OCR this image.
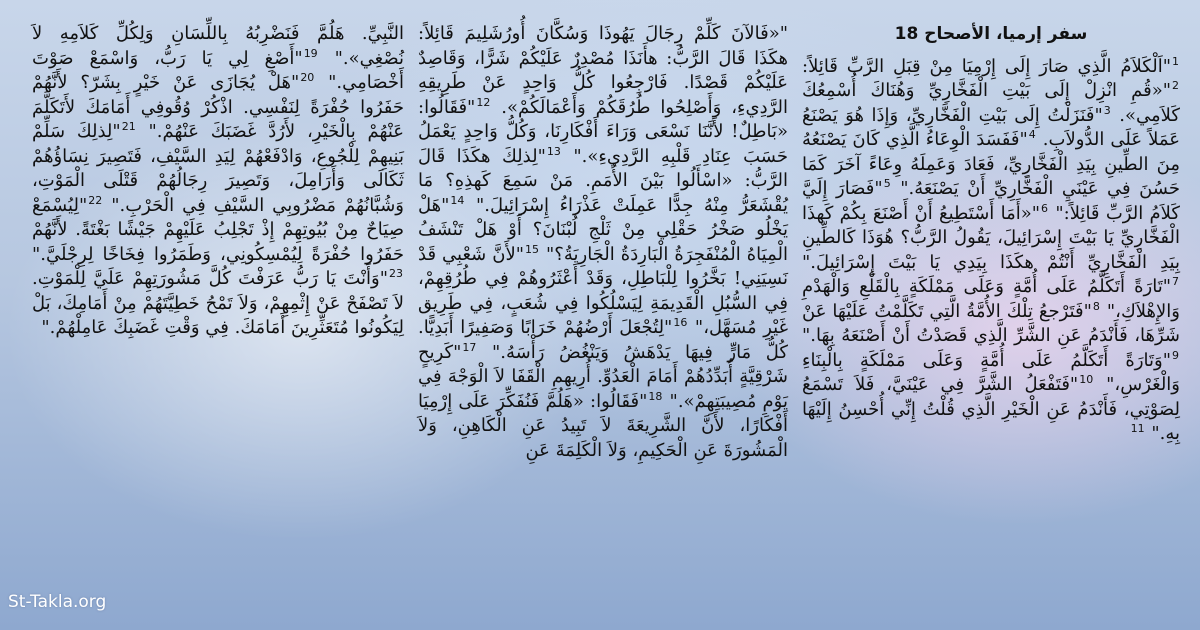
سفر إرميا، الأصحاح 18
$^1$"اَلْكَلاَمُ الَّذِي صَارَ إِلَى إِرْمِيَا مِنْ قِبَلِ الرَّبِّ قَائِلاً: $^2$"«قُمِ انْزِلْ إِلَى بَيْتِ الْفَخَّارِيِّ وَهُنَاكَ أُسْمِعُكَ كَلاَمِي». $^3$"فَنَزَلْتُ إِلَى بَيْتِ الْفَخَّارِيِّ، وَإِذَا هُوَ يَصْنَعُ عَمَلاً عَلَى الدُّولاَبِ. $^4$"فَفَسَدَ الْوِعَاءُ الَّذِي كَانَ يَصْنَعُهُ مِنَ الطِّينِ بِيَدِ الْفَخَّارِيِّ، فَعَادَ وَعَمِلَهُ وِعَاءً آخَرَ كَمَا حَسُنَ فِي عَيْنَيِ الْفَخَّارِيِّ أَنْ يَصْنَعَهُ." $^5$"فَصَارَ إِلَيَّ كَلاَمُ الرَّبِّ قَائِلاً:" $^6$"«أَمَا أَسْتَطِيعُ أَنْ أَصْنَعَ بِكُمْ كَهذَا الْفَخَّارِيِّ يَا بَيْتَ إِسْرَائِيلَ، يَقُولُ الرَّبُّ؟ هُوَذَا كَالطِّينِ بِيَدِ الْفَخَّارِيِّ أَنْتُمْ هكَذَا بِيَدِي يَا بَيْتَ إِسْرَائِيلَ." $^7$"تَارَةً أَتَكَلَّمُ عَلَى أُمَّةٍ وَعَلَى مَمْلَكَةٍ بِالْقَلْعِ وَالْهَدْمِ وَالإِهْلاَكِ،" $^8$"فَتَرْجعُ تِلْكَ الأُمَّةُ الَّتِي تَكَلَّمْتُ عَلَيْهَا عَنْ شَرِّهَا، فَأَنْدَمُ عَنِ الشَّرِّ الَّذِي قَصَدْتُ أَنْ أَصْنَعَهُ بِهَا." $^9$"وَتَارَةً أَتَكَلَّمُ عَلَى أُمَّةٍ وَعَلَى مَمْلَكَةٍ بِالْبِنَاءِ وَالْغَرْسِ،" $^{10}$"فَتَفْعَلُ الشَّرَّ فِي عَيْنَيَّ، فَلاَ تَسْمَعُ لِصَوْتِي، فَأَنْدَمُ عَنِ الْخَيْرِ الَّذِي قُلْتُ إِنِّي أُحْسِنُ إِلَيْهَا بِهِ." $^{11}$
"«فَالآنَ كَلِّمْ رِجَالَ يَهُوذَا وَسُكَّانَ أُورُشَلِيمَ قَائِلاً: هكَذَا قَالَ الرَّبُّ: هأَنَذَا مُصْدِرٌ عَلَيْكُمْ شَرًّا، وَقَاصِدٌ عَلَيْكُمْ قَصْدًا. فَارْجِعُوا كُلُّ وَاحِدٍ عَنْ طَرِيقِهِ الرَّدِيءِ، وَأَصْلِحُوا طُرُقَكُمْ وَأَعْمَالَكُمْ». $^{12}$"فَقَالُوا: «بَاطِلٌ! لأَنَّنَا نَسْعَى وَرَاءَ أَفْكَارِنَا، وَكُلُّ وَاحِدٍ يَعْمَلُ حَسَبَ عِنَادِ قَلْبِهِ الرَّدِيءِ»." $^{13}$"لِذلِكَ هكَذَا قَالَ الرَّبُّ: «اسْأَلُوا بَيْنَ الأُمَمِ. مَنْ سَمِعَ كَهذِهِ؟ مَا يُقْشَعَرُّ مِنْهُ جِدًّا عَمِلَتْ عَذْرَاءُ إِسْرَائِيلَ." $^{14}$"هَلْ يَخْلُو صَخْرُ حَقْلِي مِنْ ثَلْجِ لُبْنَانَ؟ أَوْ هَلْ تَنْشَفُ الْمِيَاهُ الْمُنْفَجِرَةُ الْبَارِدَةُ الْجَارِيَةُ؟" $^{15}$"لأَنَّ شَعْبِي قَدْ نَسِيَنِي! بَخَّرُوا لِلْبَاطِلِ، وَقَدْ أَعْثَرُوهُمْ فِي طُرُقِهِمْ، فِي السُّبُلِ الْقَدِيمَةِ لِيَسْلُكُوا فِي شُعَبٍ، فِي طَرِيق غَيْرِ مُسَهَّل،" $^{16}$"لِتُجْعَلَ أَرْضُهُمْ خَرَابًا وَصَفِيرًا أَبَدِيًّا. كُلُّ مَارٍّ فِيهَا يَدْهَشُ وَيَنْغُضُ رَأْسَهُ." $^{17}$"كَرِيحٍ شَرْقِيَّةٍ أُبَدِّدُهُمْ أَمَامَ الْعَدُوِّ. أُرِيهِمِ الْقَفَا لاَ الْوَجْهَ فِي يَوْمِ مُصِيبَتِهِمْ»." $^{18}$"فَقَالُوا: «هَلُمَّ فَنُفَكِّرَ عَلَى إِرْمِيَا أَفْكَارًا، لأَنَّ الشَّرِيعَةَ لاَ تَبِيدُ عَنِ الْكَاهِنِ، وَلاَ الْمَشُورَةَ عَنِ الْحَكِيمِ، وَلاَ الْكَلِمَةَ عَنِ
النَّبِيِّ. هَلُمَّ فَنَضْرِبُهُ بِاللِّسَانِ وَلِكُلِّ كَلاَمِهِ لاَ نُصْغِي»." $^{19}$"أَصْغِ لِي يَا رَبُّ، وَاسْمَعْ صَوْتَ أَخْصَامِي." $^{20}$"هَلْ يُجَازَى عَنْ خَيْرٍ بِشَرّ؟ لأَنَّهُمْ حَفَرُوا حُفْرَةً لِنَفْسِي. اذْكُرْ وُقُوفِي أَمَامَكَ لأَتَكَلَّمَ عَنْهُمْ بِالْخَيْرِ، لأَرُدَّ غَضَبَكَ عَنْهُمْ." $^{21}$"لِذلِكَ سَلِّمْ بَنِيهِمْ لِلْجُوعِ، وَادْفَعْهُمْ لِيَدِ السَّيْفِ، فَتَصِيرَ نِسَاؤُهُمْ ثَكَالَى وَأَرَامِلَ، وَتَصِيرَ رِجَالُهُمْ قَتْلَى الْمَوْتِ، وَشُبَّانُهُمْ مَضْرُوبِي السَّيْفِ فِي الْحَرْبِ." $^{22}$"لِيُسْمَعْ صِيَاحٌ مِنْ بُيُوتِهِمْ إِذْ تَجْلِبُ عَلَيْهِمْ جَيْشًا بَغْتَةً. لأَنَّهُمْ حَفَرُوا حُفْرَةً لِيُمْسِكُونِي، وَطَمَرُوا فِخَاخًا لِرِجْلَيَّ." $^{23}$"وَأَنْتَ يَا رَبُّ عَرَفْتَ كُلَّ مَشُورَتِهِمْ عَلَيَّ لِلْمَوْتِ. لاَ تَصْفَحْ عَنْ إِثْمِهِمْ، وَلاَ تَمْحُ خَطِيَّتَهُمْ مِنْ أَمَامِكَ، بَلْ لِيَكُونُوا مُتَعَثِّرِينَ أَمَامَكَ. فِي وَقْتِ غَضَبِكَ عَامِلْهُمْ."
St-Takla.org
